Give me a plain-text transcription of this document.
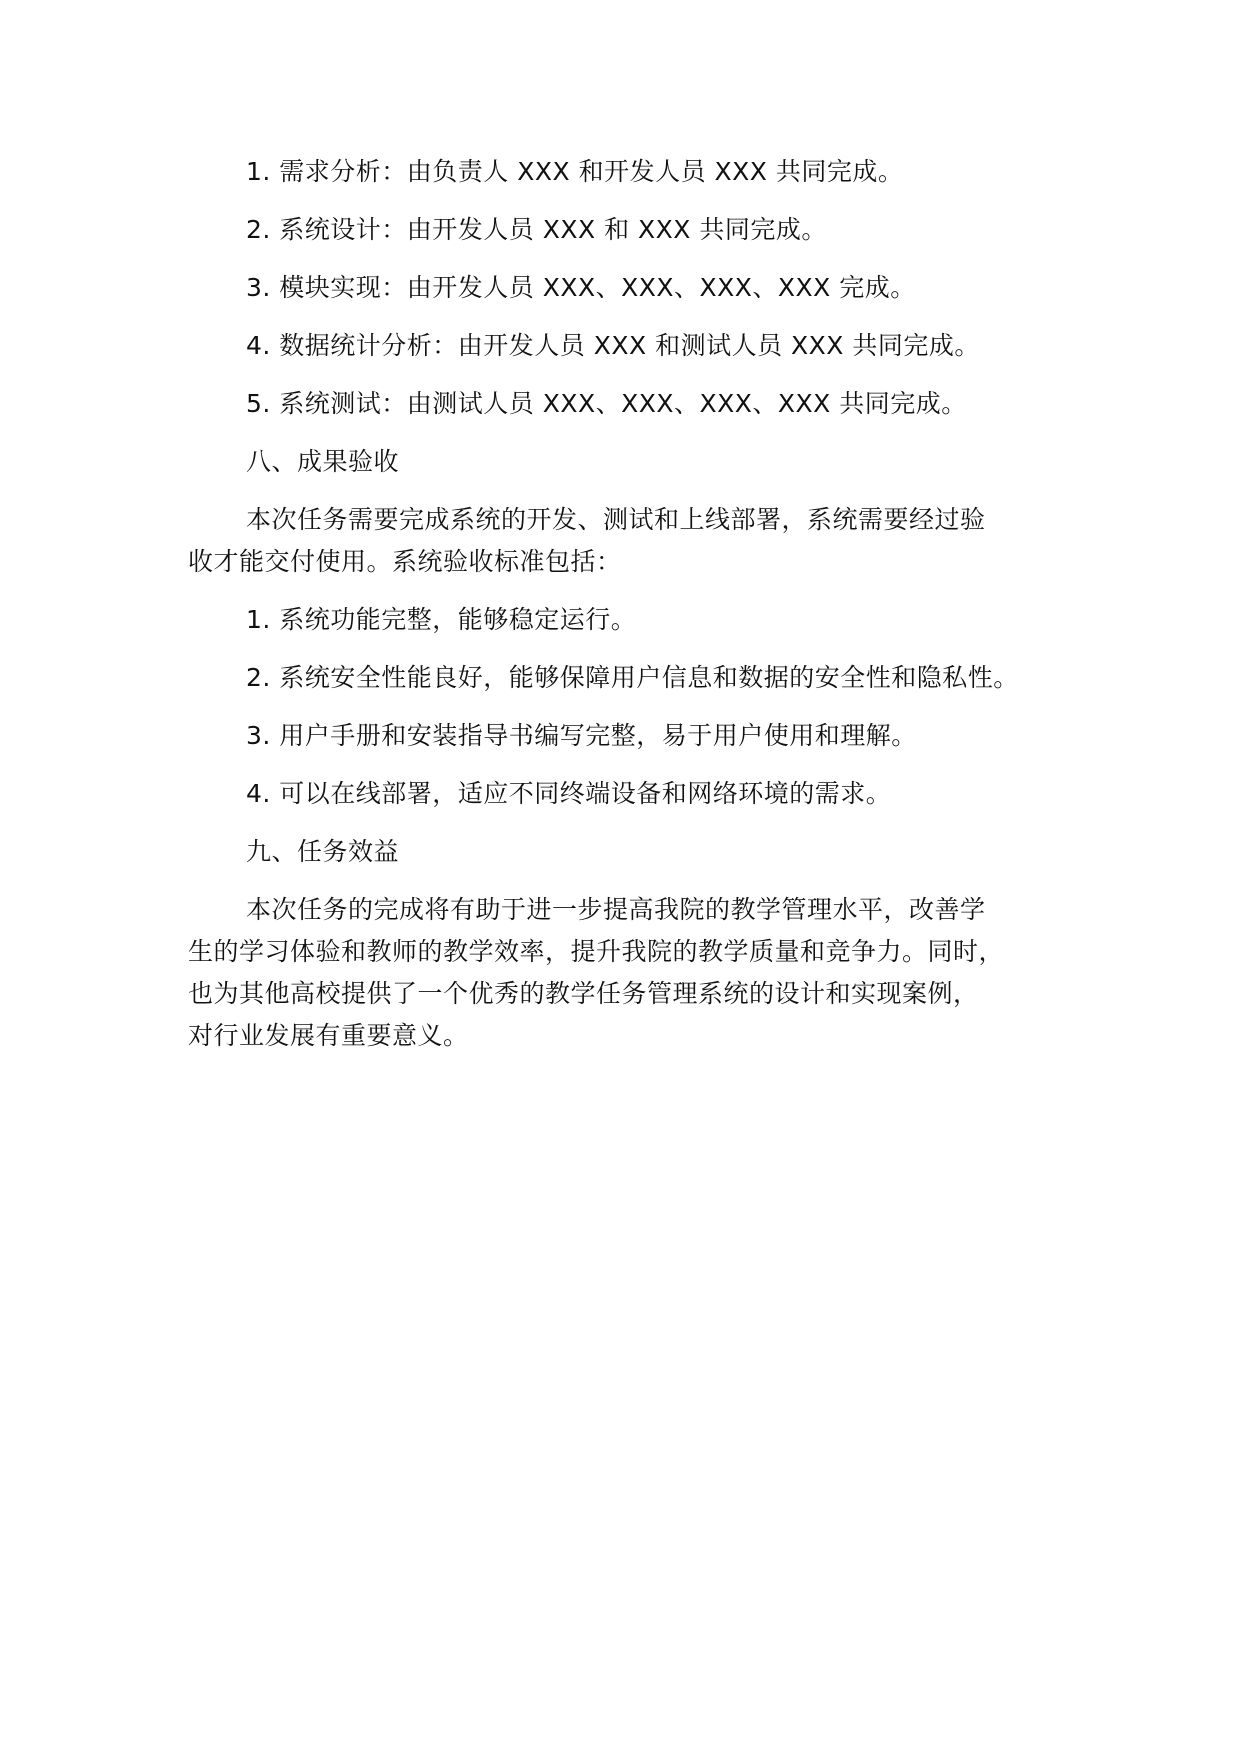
1. 需求分析：由负责人 XXX 和开发人员 XXX 共同完成。
2. 系统设计：由开发人员 XXX 和 XXX 共同完成。
3. 模块实现：由开发人员 XXX、XXX、XXX、XXX 完成。
4. 数据统计分析：由开发人员 XXX 和测试人员 XXX 共同完成。
5. 系统测试：由测试人员 XXX、XXX、XXX、XXX 共同完成。
八、成果验收
本次任务需要完成系统的开发、测试和上线部署，系统需要经过验
收才能交付使用。系统验收标准包括：
1. 系统功能完整，能够稳定运行。
2. 系统安全性能良好，能够保障用户信息和数据的安全性和隐私性。
3. 用户手册和安装指导书编写完整，易于用户使用和理解。
4. 可以在线部署，适应不同终端设备和网络环境的需求。
九、任务效益
本次任务的完成将有助于进一步提高我院的教学管理水平，改善学
生的学习体验和教师的教学效率，提升我院的教学质量和竞争力。同时，
也为其他高校提供了一个优秀的教学任务管理系统的设计和实现案例，
对行业发展有重要意义。
